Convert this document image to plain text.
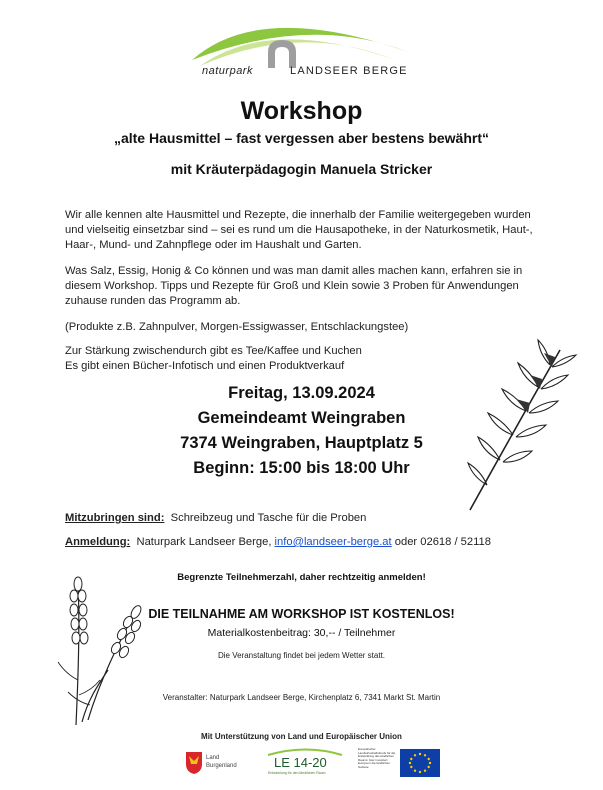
naturpark	LANDSEER BERGE
Workshop
„alte Hausmittel – fast vergessen aber bestens bewährt“
mit Kräuterpädagogin Manuela Stricker
Wir alle kennen alte Hausmittel und Rezepte, die innerhalb der Familie weitergegeben wurden und vielseitig einsetzbar sind – sei es rund um die Hausapotheke, in der Naturkosmetik, Haut-, Haar-, Mund- und Zahnpflege oder im Haushalt und Garten.
Was Salz, Essig, Honig & Co können und was man damit alles machen kann, erfahren sie in diesem Workshop. Tipps und Rezepte für Groß und Klein sowie 3 Proben für Anwendungen zuhause runden das Programm ab.
(Produkte z.B. Zahnpulver, Morgen-Essigwasser, Entschlackungstee)
Zur Stärkung zwischendurch gibt es Tee/Kaffee und Kuchen
Es gibt einen Bücher-Infotisch und einen Produktverkauf
Freitag, 13.09.2024
Gemeindeamt Weingraben
7374 Weingraben, Hauptplatz 5
Beginn: 15:00 bis 18:00 Uhr
Mitzubringen sind: Schreibzeug und Tasche für die Proben
Anmeldung: Naturpark Landseer Berge, info@landseer-berge.at oder 02618 / 52118
Begrenzte Teilnehmerzahl, daher rechtzeitig anmelden!
DIE TEILNAHME AM WORKSHOP IST KOSTENLOS!
Materialkostenbeitrag: 30,-- / Teilnehmer
Die Veranstaltung findet bei jedem Wetter statt.
Veranstalter: Naturpark Landseer Berge, Kirchenplatz 6, 7341 Markt St. Martin
Mit Unterstützung von Land und Europäischer Union
Land
Burgenland	LE 14-20
Entwicklung für den ländlichen Raum
Europäischer Landwirtschaftsfonds für die Entwicklung des ländlichen Raums: Hier investiert Europa in die ländlichen Gebiete
